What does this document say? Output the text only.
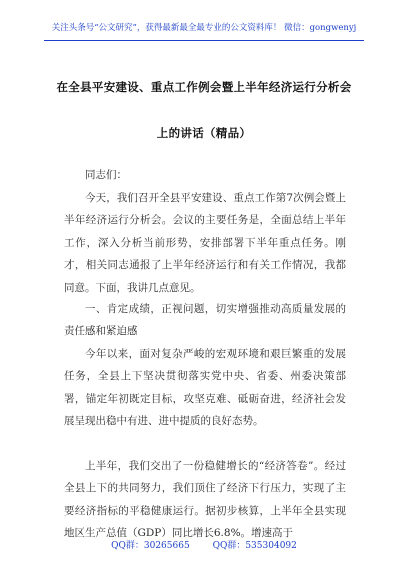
关注头条号“公文研究”，获得最新最全最专业的公文资料库！ 微信：gongwenyj
在全县平安建设、重点工作例会暨上半年经济运行分析会
上的讲话（精品）
同志们：
今天，我们召开全县平安建设、重点工作第7次例会暨上半年经济运行分析会。会议的主要任务是，全面总结上半年工作，深入分析当前形势，安排部署下半年重点任务。刚才，相关同志通报了上半年经济运行和有关工作情况，我都同意。下面，我讲几点意见。
一、肯定成绩，正视问题，切实增强推动高质量发展的责任感和紧迫感
今年以来，面对复杂严峻的宏观环境和艰巨繁重的发展任务，全县上下坚决贯彻落实党中央、省委、州委决策部署，锚定年初既定目标，攻坚克难、砥砺奋进，经济社会发展呈现出稳中有进、进中提质的良好态势。
上半年，我们交出了一份稳健增长的“经济答卷”。经过全县上下的共同努力，我们顶住了经济下行压力，实现了主要经济指标的平稳健康运行。据初步核算，上半年全县实现地区生产总值（GDP）同比增长6.8%。增速高于
QQ群：30265665	QQ群：535304092
